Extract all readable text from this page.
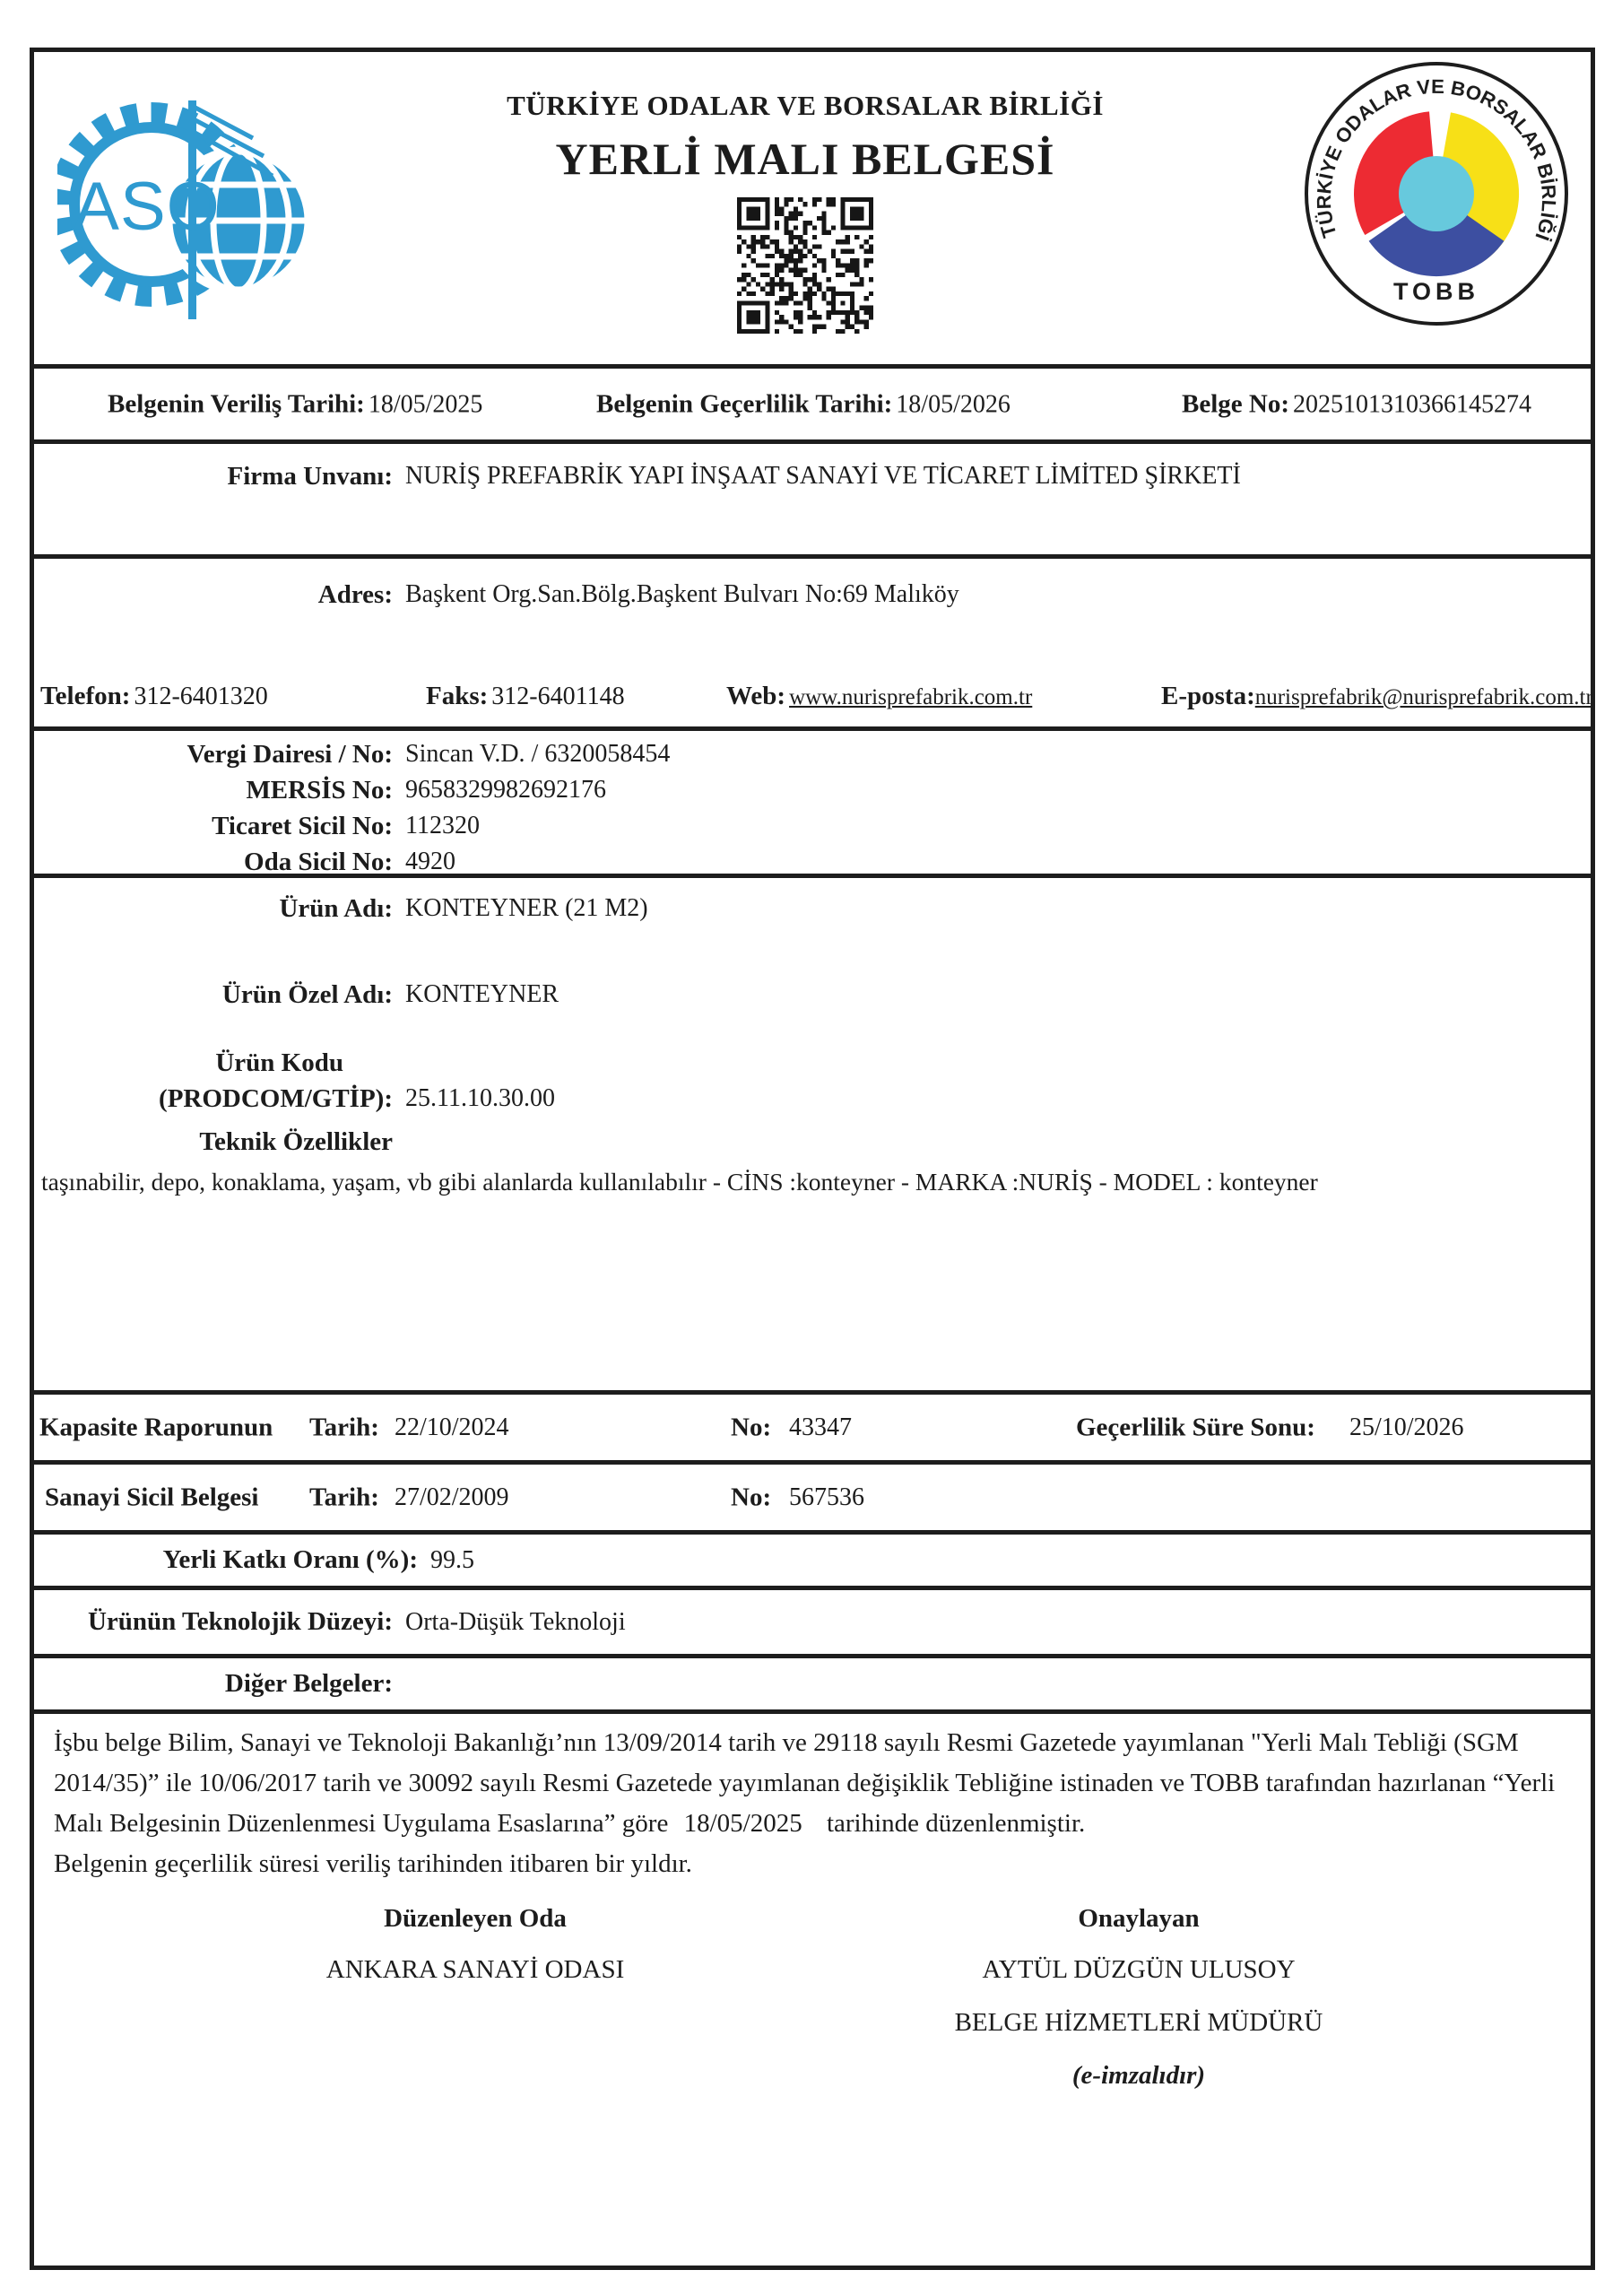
ASO
TÜRKİYE ODALAR VE BORSALAR BİRLİĞİ
YERLİ MALI BELGESİ
TÜRKİYE ODALAR VE BORSALAR BİRLİĞİ
TOBB
Belgenin Veriliş Tarihi: 18/05/2025	Belgenin Geçerlilik Tarihi: 18/05/2026	Belge No: 2025101310366145274
Firma Unvanı: NURİŞ PREFABRİK YAPI İNŞAAT SANAYİ VE TİCARET LİMİTED ŞİRKETİ
Adres: Başkent Org.San.Bölg.Başkent Bulvarı No:69 Malıköy
Telefon: 312-6401320	Faks: 312-6401148	Web: www.nurisprefabrik.com.tr	E-posta:nurisprefabrik@nurisprefabrik.com.tr
Vergi Dairesi / No: Sincan V.D. / 6320058454
MERSİS No: 9658329982692176
Ticaret Sicil No: 112320
Oda Sicil No: 4920
Ürün Adı: KONTEYNER (21 M2)
Ürün Özel Adı: KONTEYNER
Ürün Kodu
(PRODCOM/GTİP): 25.11.10.30.00
Teknik Özellikler
taşınabilir, depo, konaklama, yaşam, vb gibi alanlarda kullanılabılır - CİNS :konteyner - MARKA :NURİŞ - MODEL : konteyner
Kapasite Raporunun Tarih: 22/10/2024	No: 43347	Geçerlilik Süre Sonu: 25/10/2026
Sanayi Sicil Belgesi Tarih: 27/02/2009	No: 567536
Yerli Katkı Oranı (%): 99.5
Ürünün Teknolojik Düzeyi: Orta-Düşük Teknoloji
Diğer Belgeler:
İşbu belge Bilim, Sanayi ve Teknoloji Bakanlığı’nın 13/09/2014 tarih ve 29118 sayılı Resmi Gazetede yayımlanan "Yerli Malı Tebliği (SGM 2014/35)” ile 10/06/2017 tarih ve 30092 sayılı Resmi Gazetede yayımlanan değişiklik Tebliğine istinaden ve TOBB tarafından hazırlanan “Yerli Malı Belgesinin Düzenlenmesi Uygulama Esaslarına” göre 18/05/2025 tarihinde düzenlenmiştir.
Belgenin geçerlilik süresi veriliş tarihinden itibaren bir yıldır.
Düzenleyen Oda
ANKARA SANAYİ ODASI
Onaylayan
AYTÜL DÜZGÜN ULUSOY
BELGE HİZMETLERİ MÜDÜRÜ
(e-imzalıdır)
